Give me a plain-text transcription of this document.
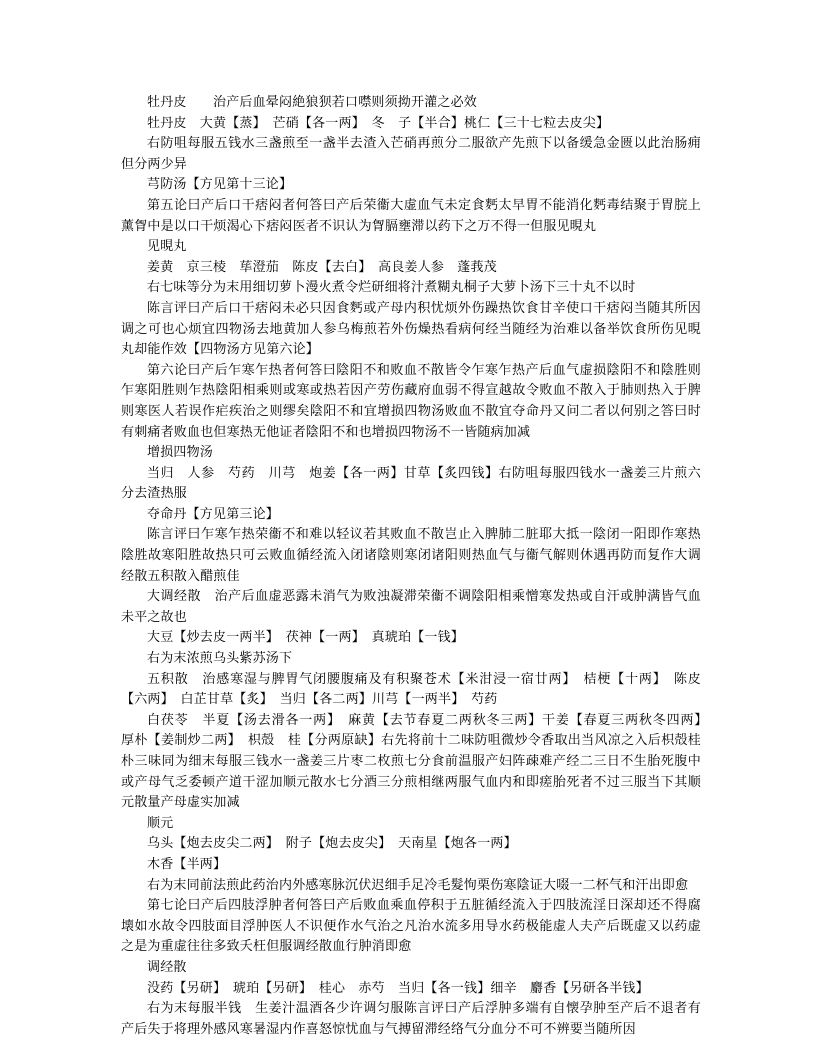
牡丹皮　　治产后血晕闷絶狼狈若口噤则须拗开灌之必效

牡丹皮　大黄【蒸】　芒硝【各一两】　冬　子【半合】桃仁【三十七粒去皮尖】

右防咀每服五钱水三盏煎至一盏半去渣入芒硝再煎分二服欲产先煎下以备缓急金匮以此治肠痈但分两少异

芎防汤【方见第十三论】

第五论曰产后口干痞闷者何答曰产后荣衞大虚血气未定食麫太早胃不能消化麫毒结聚于胃脘上薰胷中是以口干烦渴心下痞闷医者不识认为胷膈壅滞以药下之万不得一但服见晛丸

见晛丸

姜黄　京三棱　荜澄茄　陈皮【去白】　高良姜人参　蓬莪茂

右七味等分为末用细切萝卜漫火煮令烂研细将汁煮糊丸桐子大萝卜汤下三十丸不以时

陈言评曰产后口干痞闷未必只因食麫或产母内积忧烦外伤躁热饮食甘辛使口干痞闷当随其所因调之可也心烦宜四物汤去地黄加人参乌梅煎若外伤燥热看病何经当随经为治难以备举饮食所伤见晛丸却能作效【四物汤方见第六论】

第六论曰产后乍寒乍热者何答曰陰阳不和败血不散皆令乍寒乍热产后血气虚损陰阳不和陰胜则乍寒阳胜则乍热陰阳相乘则或寒或热若因产劳伤藏府血弱不得宣越故令败血不散入于肺则热入于脾则寒医人若误作疟疾治之则缪矣陰阳不和宜增损四物汤败血不散宜夺命丹又问二者以何别之答曰时有刺痛者败血也但寒热无他证者陰阳不和也增损四物汤不一皆随病加减

增损四物汤

当归　人参　芍药　川芎　炮姜【各一两】甘草【炙四钱】右防咀每服四钱水一盏姜三片煎六分去渣热服

夺命丹【方见第三论】

陈言评曰乍寒乍热荣衞不和难以轻议若其败血不散岂止入脾肺二脏耶大抵一陰闭一阳即作寒热陰胜故寒阳胜故热只可云败血循经流入闭诸陰则寒闭诸阳则热血气与衞气解则休遇再防而复作大调经散五积散入醋煎佳

大调经散　治产后血虚恶露未消气为败浊凝滞荣衞不调陰阳相乘憎寒发热或自汗或肿满皆气血未平之故也

大豆【炒去皮一两半】　茯神【一两】　真琥珀【一钱】

右为末浓煎乌头紫苏汤下

五积散　治感寒湿与脾胃气闭腰腹痛及有积聚苍术【米泔浸一宿廿两】　桔梗【十两】　陈皮【六两】　白芷甘草【炙】　当归【各二两】川芎【一两半】　芍药

白茯苓　半夏【汤去滑各一两】　麻黄【去节春夏二两秋冬三两】干姜【春夏三两秋冬四两】　厚朴【姜制炒二两】　枳殻　桂【分两原缺】右先将前十二味防咀微炒令香取出当风凉之入后枳殻桂朴三味同为细末每服三钱水一盏姜三片枣二枚煎七分食前温服产妇阵疎难产经二三日不生胎死腹中或产母气乏委顿产道干涩加顺元散水七分酒三分煎相继两服气血内和即瘥胎死者不过三服当下其顺元散量产母虚实加减

顺元

乌头【炮去皮尖二两】　附子【炮去皮尖】　天南星【炮各一两】

木香【半两】

右为末同前法煎此药治内外感寒脉沉伏迟细手足冷毛髮怐栗伤寒陰证大啜一二杯气和汗出即愈

第七论曰产后四肢浮肿者何答曰产后败血乘血停积于五脏循经流入于四肢流淫日深却还不得腐壊如水故令四肢面目浮肿医人不识便作水气治之凡治水流多用导水药极能虚人夫产后既虚又以药虚之是为重虚往往多致夭枉但服调经散血行肿消即愈

调经散

没药【另研】　琥珀【另研】　桂心　赤芍　当归【各一钱】细辛　麝香【另研各半钱】

右为末每服半钱　生姜汁温酒各少许调匀服陈言评曰产后浮肿多端有自懐孕肿至产后不退者有产后失于将理外感风寒暑湿内作喜怒惊忧血与气搏留滞经络气分血分不可不辨要当随所因
